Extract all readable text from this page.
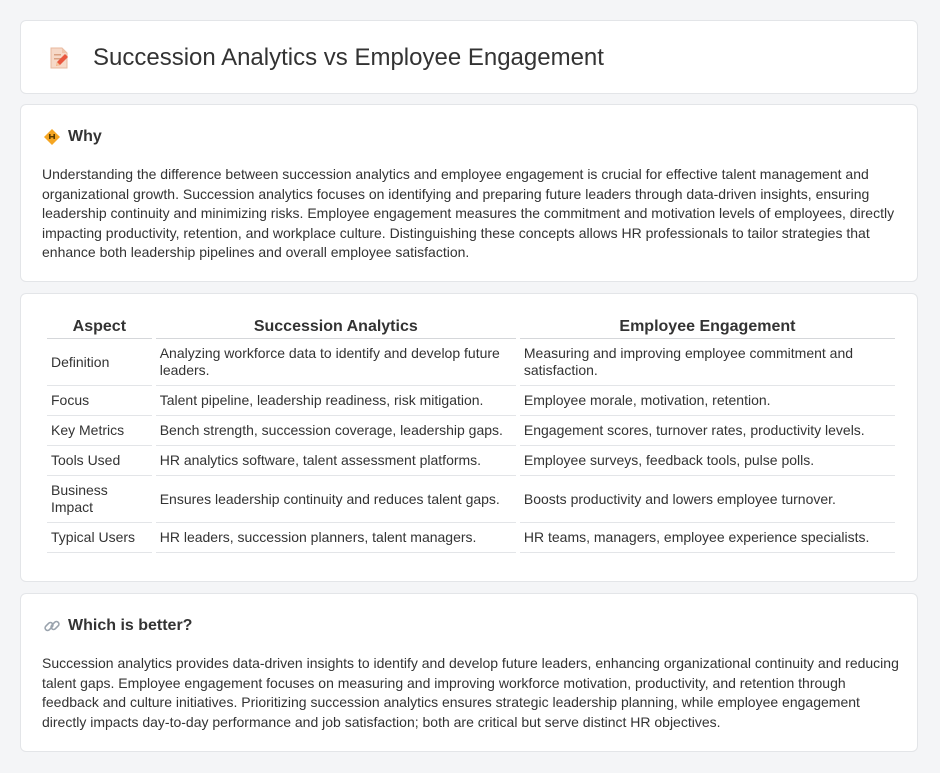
Succession Analytics vs Employee Engagement
Why

Understanding the difference between succession analytics and employee engagement is crucial for effective talent management and organizational growth. Succession analytics focuses on identifying and preparing future leaders through data-driven insights, ensuring leadership continuity and minimizing risks. Employee engagement measures the commitment and motivation levels of employees, directly impacting productivity, retention, and workplace culture. Distinguishing these concepts allows HR professionals to tailor strategies that enhance both leadership pipelines and overall employee satisfaction.

Aspect	Succession Analytics	Employee Engagement
Definition	Analyzing workforce data to identify and develop future leaders.	Measuring and improving employee commitment and satisfaction.
Focus	Talent pipeline, leadership readiness, risk mitigation.	Employee morale, motivation, retention.
Key Metrics	Bench strength, succession coverage, leadership gaps.	Engagement scores, turnover rates, productivity levels.
Tools Used	HR analytics software, talent assessment platforms.	Employee surveys, feedback tools, pulse polls.
Business Impact	Ensures leadership continuity and reduces talent gaps.	Boosts productivity and lowers employee turnover.
Typical Users	HR leaders, succession planners, talent managers.	HR teams, managers, employee experience specialists.
Which is better?

Succession analytics provides data-driven insights to identify and develop future leaders, enhancing organizational continuity and reducing talent gaps. Employee engagement focuses on measuring and improving workforce motivation, productivity, and retention through feedback and culture initiatives. Prioritizing succession analytics ensures strategic leadership planning, while employee engagement directly impacts day-to-day performance and job satisfaction; both are critical but serve distinct HR objectives.
